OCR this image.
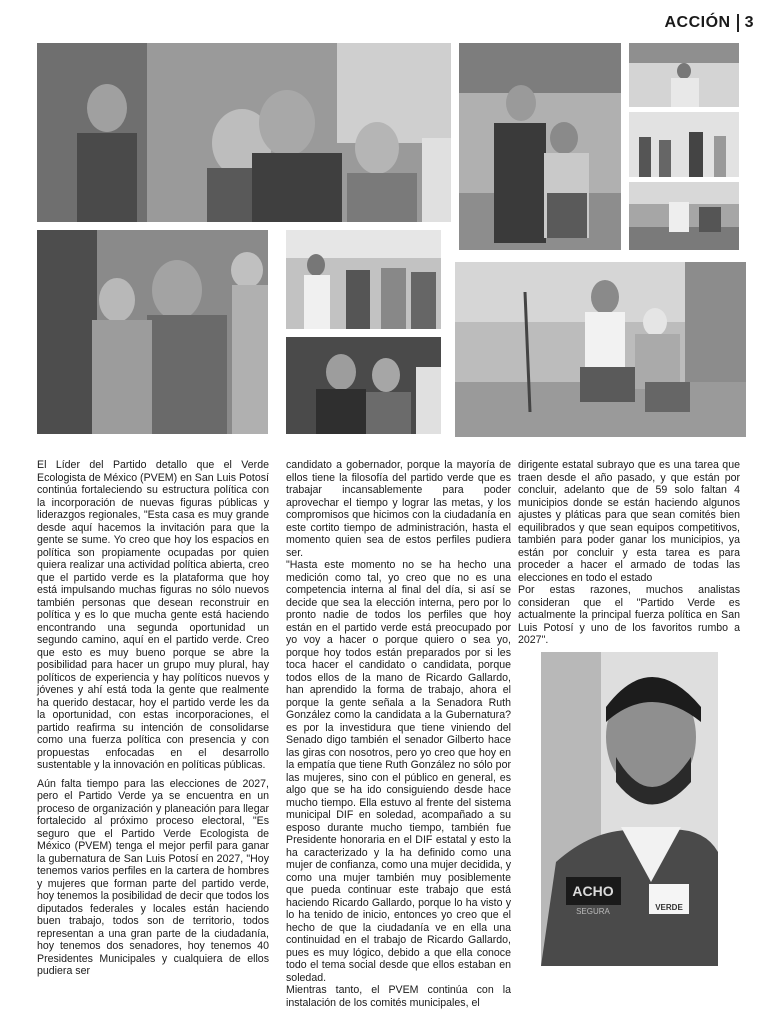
ACCIÓN 3
ACHO
SEGURA	VERDE

El Líder del Partido detallo que el Verde Ecologista de México (PVEM) en San Luis Potosí continúa fortaleciendo su estructura política con la incorporación de nuevas figuras públicas y liderazgos regionales, "Esta casa es muy grande desde aquí hacemos la invitación para que la gente se sume. Yo creo que hoy los espacios en política son propiamente ocupadas por quien quiera realizar una actividad política abierta, creo que el partido verde es la plataforma que hoy está impulsando muchas figuras no sólo nuevos también personas que desean reconstruir en política y es lo que mucha gente está haciendo encontrando una segunda oportunidad un segundo camino, aquí en el partido verde. Creo que esto es muy bueno porque se abre la posibilidad para hacer un grupo muy plural, hay políticos de experiencia y hay políticos nuevos y jóvenes y ahí está toda la gente que realmente ha querido destacar, hoy el partido verde les da la oportunidad, con estas incorporaciones, el partido reafirma su intención de consolidarse como una fuerza política con presencia y con propuestas enfocadas en el desarrollo sustentable y la innovación en políticas públicas.

Aún falta tiempo para las elecciones de 2027, pero el Partido Verde ya se encuentra en un proceso de organización y planeación para llegar fortalecido al próximo proceso electoral, "Es seguro que el Partido Verde Ecologista de México (PVEM) tenga el mejor perfil para ganar la gubernatura de San Luis Potosí en 2027, "Hoy tenemos varios perfiles en la cartera de hombres y mujeres que forman parte del partido verde, hoy tenemos la posibilidad de decir que todos los diputados federales y locales están haciendo buen trabajo, todos son de territorio, todos representan a una gran parte de la ciudadanía, hoy tenemos dos senadores, hoy tenemos 40 Presidentes Municipales y cualquiera de ellos pudiera ser

candidato a gobernador, porque la mayoría de ellos tiene la filosofía del partido verde que es trabajar incansablemente para poder aprovechar el tiempo y lograr las metas, y los compromisos que hicimos con la ciudadanía en este cortito tiempo de administración, hasta el momento quien sea de estos perfiles pudiera ser.

"Hasta este momento no se ha hecho una medición como tal, yo creo que no es una competencia interna al final del día, si así se decide que sea la elección interna, pero por lo pronto nadie de todos los perfiles que hoy están en el partido verde está preocupado por yo voy a hacer o porque quiero o sea yo, porque hoy todos están preparados por si les toca hacer el candidato o candidata, porque todos ellos de la mano de Ricardo Gallardo, han aprendido la forma de trabajo, ahora el porque la gente señala a la Senadora Ruth González como la candidata a la Gubernatura? es por la investidura que tiene viniendo del Senado digo también el senador Gilberto hace las giras con nosotros, pero yo creo que hoy en la empatía que tiene Ruth González no sólo por las mujeres, sino con el público en general, es algo que se ha ido consiguiendo desde hace mucho tiempo. Ella estuvo al frente del sistema municipal DIF en soledad, acompañado a su esposo durante mucho tiempo, también fue Presidente honoraria en el DIF estatal y esto la ha caracterizado y la ha definido como una mujer de confianza, como una mujer decidida, y como una mujer también muy posiblemente que pueda continuar este trabajo que está haciendo Ricardo Gallardo, porque lo ha visto y lo ha tenido de inicio, entonces yo creo que el hecho de que la ciudadanía ve en ella una continuidad en el trabajo de Ricardo Gallardo, pues es muy lógico, debido a que ella conoce todo el tema social desde que ellos estaban en soledad.

Mientras tanto, el PVEM continúa con la instalación de los comités municipales, el

dirigente estatal subrayo que es una tarea que traen desde el año pasado, y que están por concluir, adelanto que de 59 solo faltan 4 municipios donde se están haciendo algunos ajustes y pláticas para que sean comités bien equilibrados y que sean equipos competitivos, también para poder ganar los municipios, ya están por concluir y esta tarea es para proceder a hacer el armado de todas las elecciones en todo el estado

Por estas razones, muchos analistas consideran que el "Partido Verde es actualmente la principal fuerza política en San Luis Potosí y uno de los favoritos rumbo a 2027".
